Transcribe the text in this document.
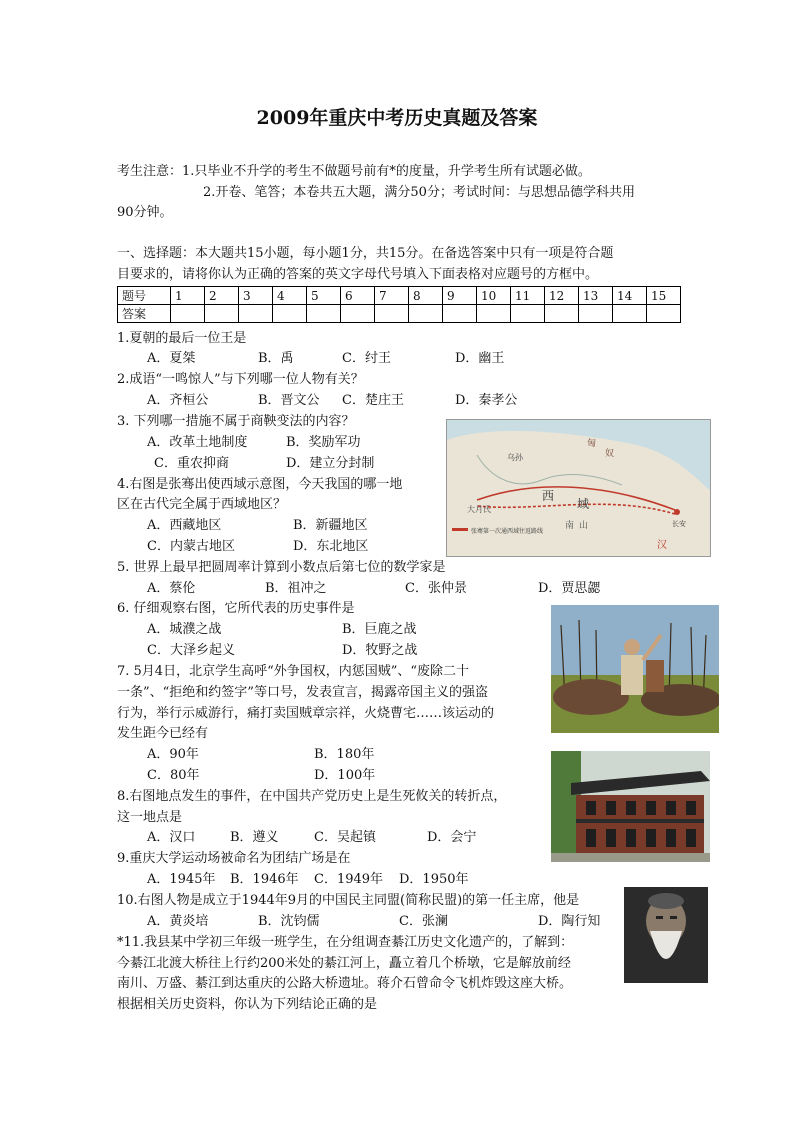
2009年重庆中考历史真题及答案
考生注意：1.只毕业不升学的考生不做题号前有*的度量，升学考生所有试题必做。
2.开卷、笔答；本卷共五大题，满分50分；考试时间：与思想品德学科共用
90分钟。
一、选择题：本大题共15小题，每小题1分，共15分。在备选答案中只有一项是符合题
目要求的，请将你认为正确的答案的英文字母代号填入下面表格对应题号的方框中。
题号	1	2	3	4	5	6	7	8	9	10	11	12	13	14	15
答案															
1.夏朝的最后一位王是
A．夏桀	B．禹	C．纣王	D．幽王
2.成语“一鸣惊人”与下列哪一位人物有关？
A．齐桓公	B．晋文公 C．楚庄王	D．秦孝公
3. 下列哪一措施不属于商鞅变法的内容？
A．改革土地制度	B．奖励军功
C．重农抑商	D．建立分封制
4.右图是张骞出使西域示意图，今天我国的哪一地
区在古代完全属于西域地区？
A．西藏地区	B．新疆地区
C．内蒙古地区	D．东北地区
匈
奴
乌孙
大月氏
西
域
长安
南 山
汉
张骞第一次通西域往返路线
5. 世界上最早把圆周率计算到小数点后第七位的数学家是
A．蔡伦	B．祖冲之	C．张仲景	D．贾思勰
6. 仔细观察右图，它所代表的历史事件是
A．城濮之战	B．巨鹿之战
C．大泽乡起义	D．牧野之战
7. 5月4日，北京学生高呼“外争国权，内惩国贼”、“废除二十
一条”、“拒绝和约签字”等口号，发表宣言，揭露帝国主义的强盗
行为，举行示威游行，痛打卖国贼章宗祥，火烧曹宅……该运动的
发生距今已经有
A．90年	B．180年
C．80年	D．100年
8.右图地点发生的事件，在中国共产党历史上是生死攸关的转折点，
这一地点是
A．汉口	B．遵义	C．吴起镇	D．会宁
9.重庆大学运动场被命名为团结广场是在
A．1945年 B．1946年 C．1949年 D．1950年
10.右图人物是成立于1944年9月的中国民主同盟(简称民盟)的第一任主席，他是
A．黄炎培	B．沈钧儒	C．张澜	D．陶行知
*11.我县某中学初三年级一班学生，在分组调查綦江历史文化遗产的，了解到：
今綦江北渡大桥往上行约200米处的綦江河上，矗立着几个桥墩，它是解放前经
南川、万盛、綦江到达重庆的公路大桥遗址。蒋介石曾命令飞机炸毁这座大桥。
根据相关历史资料，你认为下列结论正确的是
